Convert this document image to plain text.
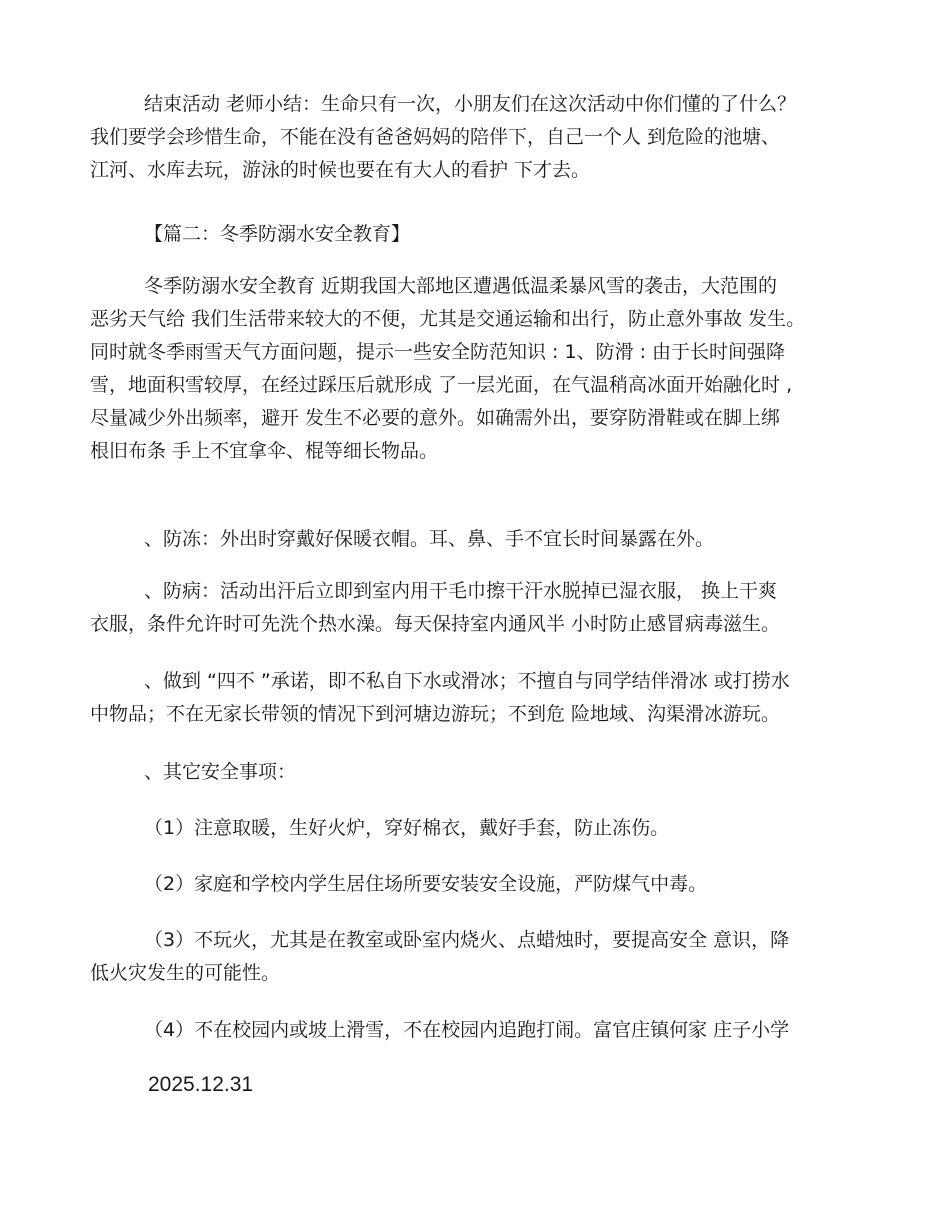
结束活动 老师小结：生命只有一次，小朋友们在这次活动中你们懂的了什么？
我们要学会珍惜生命，不能在没有爸爸妈妈的陪伴下，自己一个人 到危险的池塘、
江河、水库去玩，游泳的时候也要在有大人的看护 下才去。
【篇二：冬季防溺水安全教育】
冬季防溺水安全教育 近期我国大部地区遭遇低温柔暴风雪的袭击，大范围的
恶劣天气给 我们生活带来较大的不便，尤其是交通运输和出行，防止意外事故 发生。
同时就冬季雨雪天气方面问题，提示一些安全防范知识 : 1、防滑 : 由于长时间强降
雪，地面积雪较厚，在经过踩压后就形成 了一层光面，在气温稍高冰面开始融化时 ,
尽量减少外出频率，避开 发生不必要的意外。如确需外出，要穿防滑鞋或在脚上绑
根旧布条 手上不宜拿伞、棍等细长物品。
、防冻：外出时穿戴好保暖衣帽。耳、鼻、手不宜长时间暴露在外。
、防病：活动出汗后立即到室内用干毛巾擦干汗水脱掉已湿衣服， 换上干爽
衣服，条件允许时可先洗个热水澡。每天保持室内通风半 小时防止感冒病毒滋生。
、做到 “四不 ”承诺，即不私自下水或滑冰；不擅自与同学结伴滑冰 或打捞水
中物品；不在无家长带领的情况下到河塘边游玩；不到危 险地域、沟渠滑冰游玩。
、其它安全事项：
（1）注意取暖，生好火炉，穿好棉衣，戴好手套，防止冻伤。
（2）家庭和学校内学生居住场所要安装安全设施，严防煤气中毒。
（3）不玩火，尤其是在教室或卧室内烧火、点蜡烛时，要提高安全 意识，降
低火灾发生的可能性。
（4）不在校园内或坡上滑雪，不在校园内追跑打闹。富官庄镇何家 庄子小学
2025.12.31
